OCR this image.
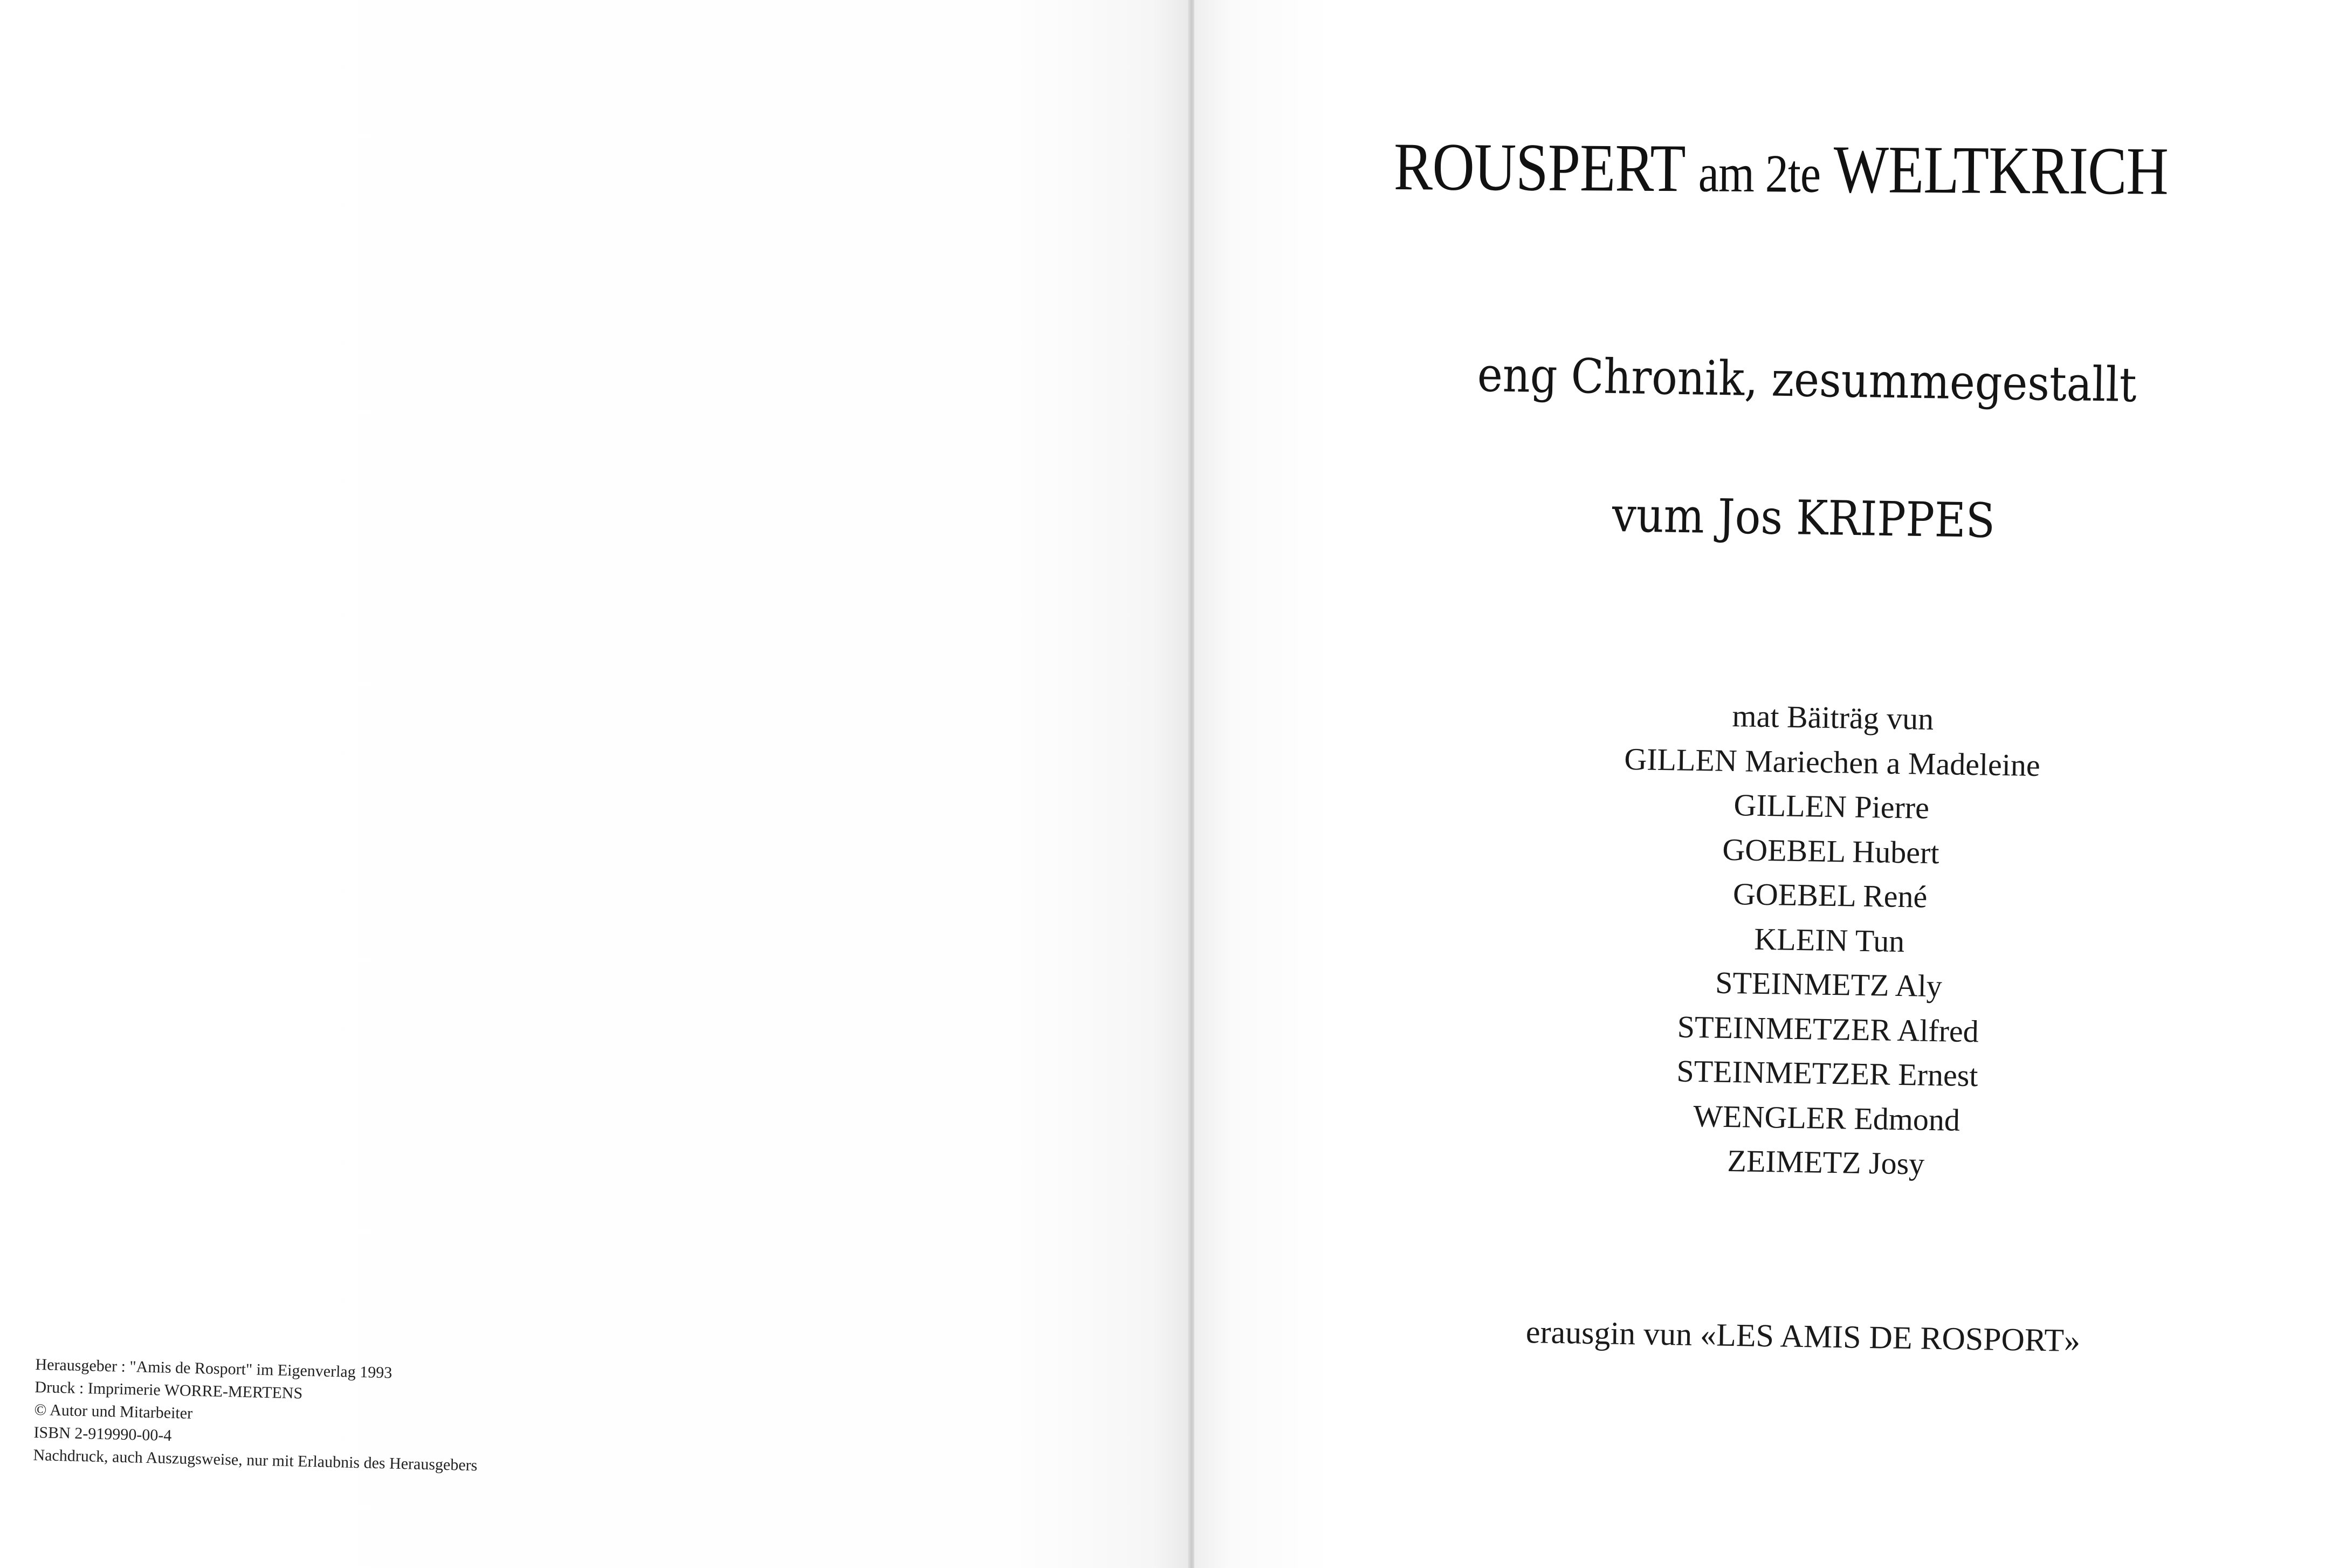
Herausgeber : "Amis de Rosport" im Eigenverlag 1993
Druck : Imprimerie WORRE-MERTENS
© Autor und Mitarbeiter
ISBN 2-919990-00-4
Nachdruck, auch Auszugsweise, nur mit Erlaubnis des Herausgebers
ROUSPERT am 2te WELTKRICH
eng Chronik, zesummegestallt
vum Jos KRIPPES
mat Bäiträg vun
GILLEN Mariechen a Madeleine
GILLEN Pierre
GOEBEL Hubert
GOEBEL René
KLEIN Tun
STEINMETZ Aly
STEINMETZER Alfred
STEINMETZER Ernest
WENGLER Edmond
ZEIMETZ Josy
erausgin vun «LES AMIS DE ROSPORT»
